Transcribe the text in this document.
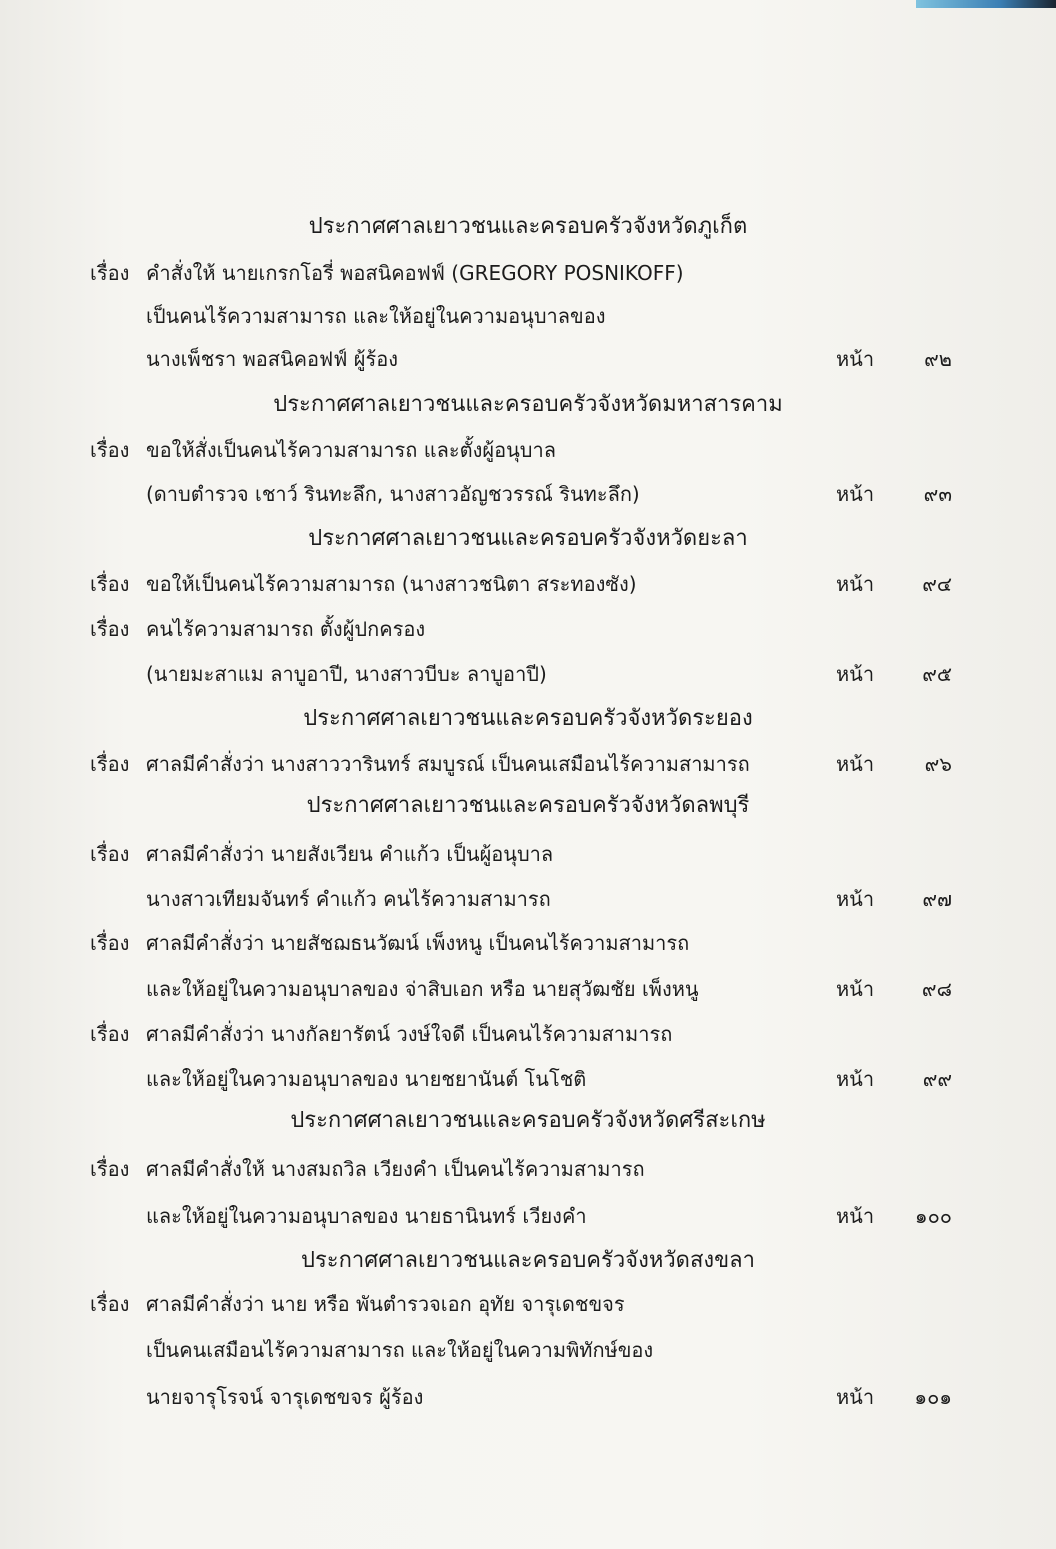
ประกาศศาลเยาวชนและครอบครัวจังหวัดภูเก็ต
เรื่อง คำสั่งให้ นายเกรกโอรี่ พอสนิคอฟฟ์ (GREGORY POSNIKOFF)
เป็นคนไร้ความสามารถ และให้อยู่ในความอนุบาลของ
นางเพ็ชรา พอสนิคอฟฟ์ ผู้ร้อง	หน้า	๙๒
ประกาศศาลเยาวชนและครอบครัวจังหวัดมหาสารคาม
เรื่อง ขอให้สั่งเป็นคนไร้ความสามารถ และตั้งผู้อนุบาล
(ดาบตำรวจ เชาว์ รินทะลึก, นางสาวอัญชวรรณ์ รินทะลึก)	หน้า ๙๓
ประกาศศาลเยาวชนและครอบครัวจังหวัดยะลา
เรื่อง ขอให้เป็นคนไร้ความสามารถ (นางสาวชนิตา สระทองซัง)	หน้า ๙๔
เรื่อง คนไร้ความสามารถ ตั้งผู้ปกครอง
(นายมะสาแม ลาบูอาปี, นางสาวบีบะ ลาบูอาปี)	หน้า ๙๕
ประกาศศาลเยาวชนและครอบครัวจังหวัดระยอง
เรื่อง ศาลมีคำสั่งว่า นางสาววารินทร์ สมบูรณ์ เป็นคนเสมือนไร้ความสามารถ	หน้า	๙๖
ประกาศศาลเยาวชนและครอบครัวจังหวัดลพบุรี
เรื่อง ศาลมีคำสั่งว่า นายสังเวียน คำแก้ว เป็นผู้อนุบาล
นางสาวเทียมจันทร์ คำแก้ว คนไร้ความสามารถ	หน้า ๙๗
เรื่อง ศาลมีคำสั่งว่า นายสัชฌธนวัฒน์ เพ็งหนู เป็นคนไร้ความสามารถ
และให้อยู่ในความอนุบาลของ จ่าสิบเอก หรือ นายสุวัฒชัย เพ็งหนู	หน้า ๙๘
เรื่อง ศาลมีคำสั่งว่า นางกัลยารัตน์ วงษ์ใจดี เป็นคนไร้ความสามารถ
และให้อยู่ในความอนุบาลของ นายชยานันต์ โนโชติ	หน้า ๙๙
ประกาศศาลเยาวชนและครอบครัวจังหวัดศรีสะเกษ
เรื่อง ศาลมีคำสั่งให้ นางสมถวิล เวียงคำ เป็นคนไร้ความสามารถ
และให้อยู่ในความอนุบาลของ นายธานินทร์ เวียงคำ	หน้า ๑๐๐
ประกาศศาลเยาวชนและครอบครัวจังหวัดสงขลา
เรื่อง ศาลมีคำสั่งว่า นาย หรือ พันตำรวจเอก อุทัย จารุเดชขจร
เป็นคนเสมือนไร้ความสามารถ และให้อยู่ในความพิทักษ์ของ
นายจารุโรจน์ จารุเดชขจร ผู้ร้อง	หน้า ๑๐๑
